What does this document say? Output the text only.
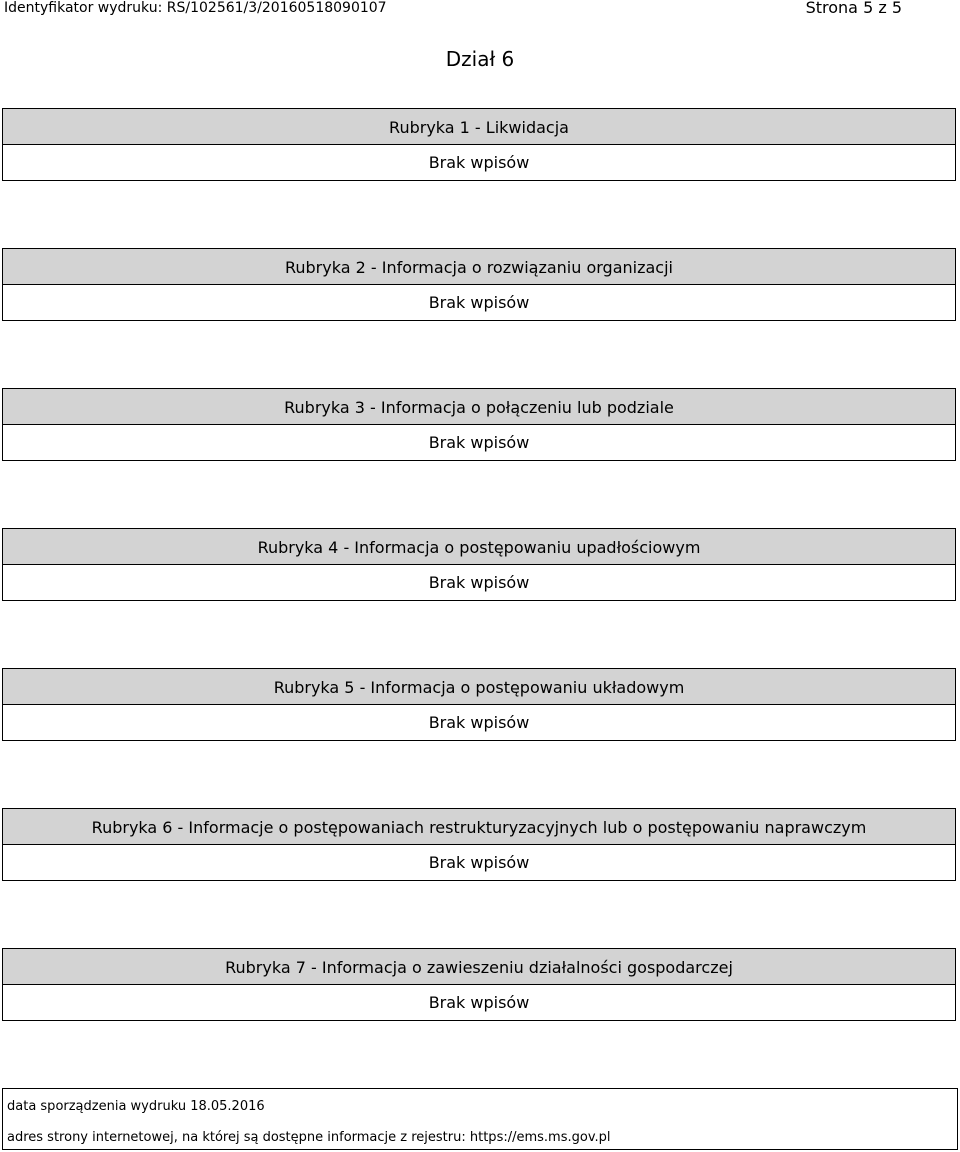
Identyfikator wydruku: RS/102561/3/20160518090107	Strona 5 z 5
Dział 6
Rubryka 1 - Likwidacja
Brak wpisów
Rubryka 2 - Informacja o rozwiązaniu organizacji
Brak wpisów
Rubryka 3 - Informacja o połączeniu lub podziale
Brak wpisów
Rubryka 4 - Informacja o postępowaniu upadłościowym
Brak wpisów
Rubryka 5 - Informacja o postępowaniu układowym
Brak wpisów
Rubryka 6 - Informacje o postępowaniach restrukturyzacyjnych lub o postępowaniu naprawczym
Brak wpisów
Rubryka 7 - Informacja o zawieszeniu działalności gospodarczej
Brak wpisów
data sporządzenia wydruku 18.05.2016
adres strony internetowej, na której są dostępne informacje z rejestru: https://ems.ms.gov.pl
